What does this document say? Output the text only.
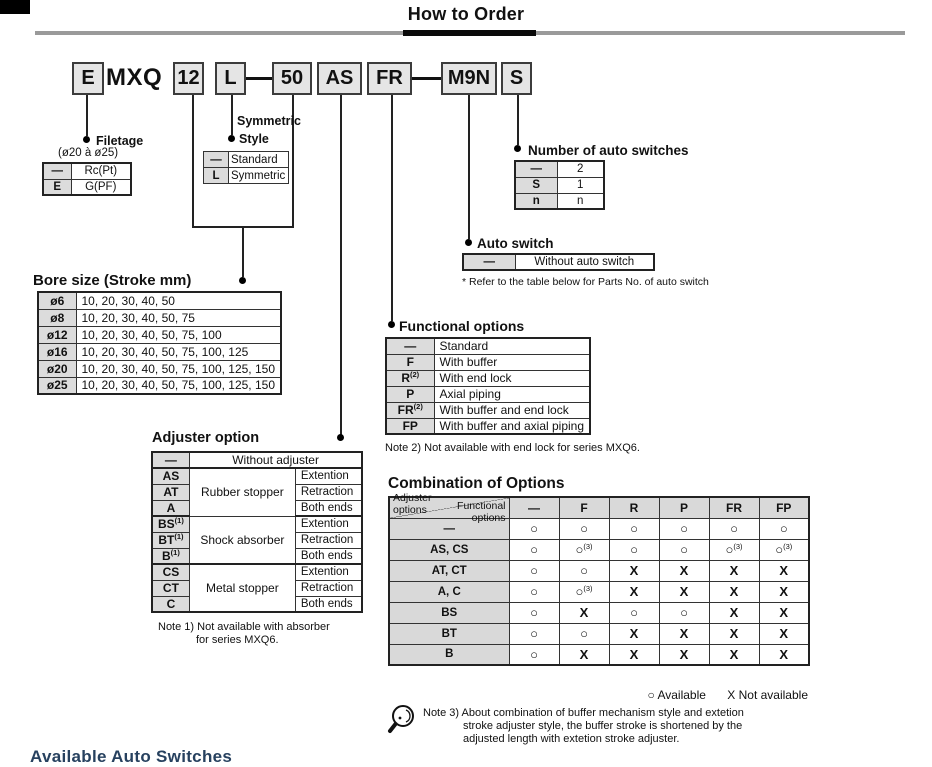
How to Order
E MXQ 12	L	50	AS	FR	M9N S
Filetage
(ø20 à ø25)
—	Rc(Pt)
E	G(PF)
Symmetric
Style
—	Standard
L	Symmetric
Bore size (Stroke mm)
ø6	10, 20, 30, 40, 50
ø8	10, 20, 30, 40, 50, 75
ø12	10, 20, 30, 40, 50, 75, 100
ø16	10, 20, 30, 40, 50, 75, 100, 125
ø20	10, 20, 30, 40, 50, 75, 100, 125, 150
ø25	10, 20, 30, 40, 50, 75, 100, 125, 150
Number of auto switches
—	2
S	1
n	n
Auto switch
—	Without auto switch
* Refer to the table below for Parts No. of auto switch
Functional options
—	Standard
F	With buffer
$R^{(2)}$	With end lock
P	Axial piping
FR$^{(2)}$	With buffer and end lock
FP	With buffer and axial piping
Note 2) Not available with end lock for series MXQ6.
Adjuster option
—	Without adjuster	
AS	Rubber stopper	Extention
AT		Retraction
A		Both ends
BS$^{(1)}$	Shock absorber	Extention
BT$^{(1)}$		Retraction
$B^{(1)}$		Both ends
CS	Metal stopper	Extention
CT		Retraction
C		Both ends
Note 1) Not available with absorber
for series MXQ6.
Combination of Options
Functional
options
Adjuster
options	—	F	R	P	FR	FP
—	○	○	○	○	○	○
AS, CS	○	○$^{(3)}$	○	○	○$^{(3)}$	○$^{(3)}$
AT, CT	○	○	X	X	X	X
A, C	○	○$^{(3)}$	X	X	X	X
BS	○	X	○	○	X	X
BT	○	○	X	X	X	X
B	○	X	X	X	X	X
○ Available X Not available
Note 3) About combination of buffer mechanism style and extetion
stroke adjuster style, the buffer stroke is shortened by the
adjusted length with extetion stroke adjuster.
Available Auto Switches
